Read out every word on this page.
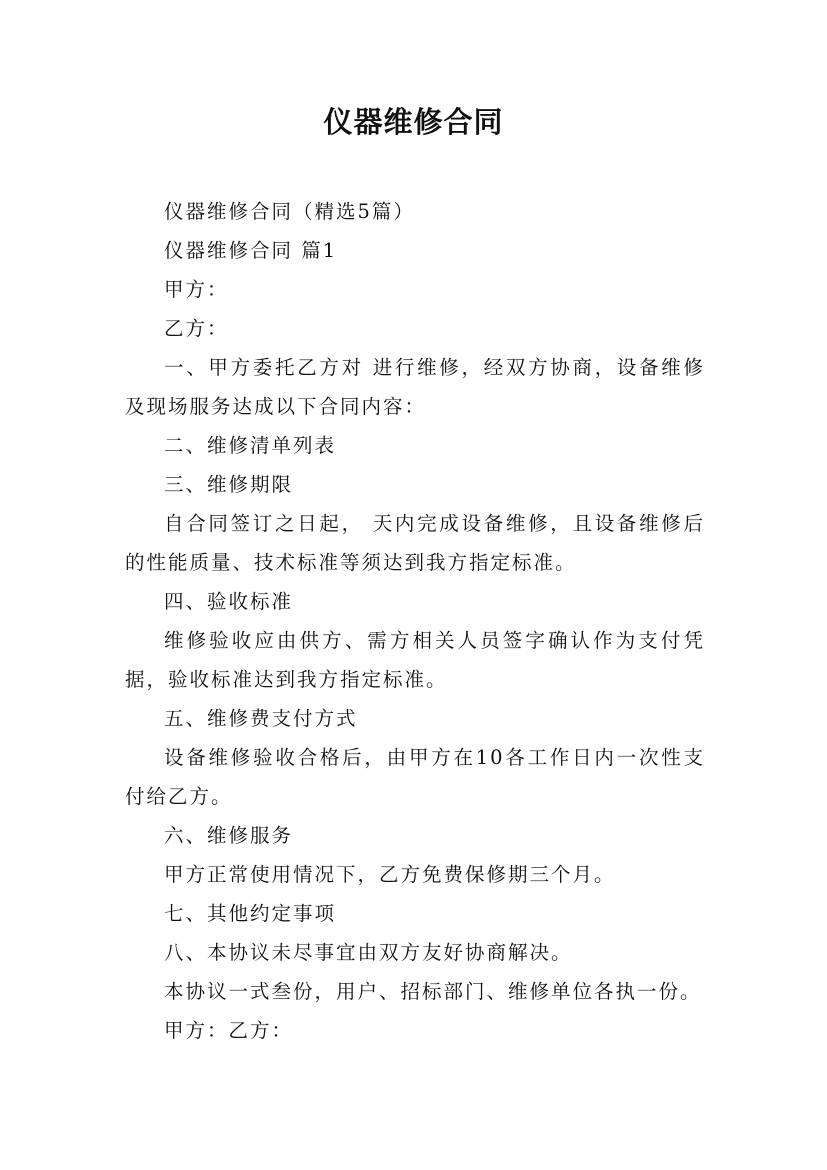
仪器维修合同

仪器维修合同（精选5篇）

仪器维修合同 篇1

甲方：

乙方：

一、甲方委托乙方对 进行维修，经双方协商，设备维修及现场服务达成以下合同内容：

二、维修清单列表

三、维修期限

自合同签订之日起， 天内完成设备维修，且设备维修后的性能质量、技术标准等须达到我方指定标准。

四、验收标准

维修验收应由供方、需方相关人员签字确认作为支付凭据，验收标准达到我方指定标准。

五、维修费支付方式

设备维修验收合格后，由甲方在10各工作日内一次性支付给乙方。

六、维修服务

甲方正常使用情况下，乙方免费保修期三个月。

七、其他约定事项

八、本协议未尽事宜由双方友好协商解决。

本协议一式叁份，用户、招标部门、维修单位各执一份。

甲方：乙方：
